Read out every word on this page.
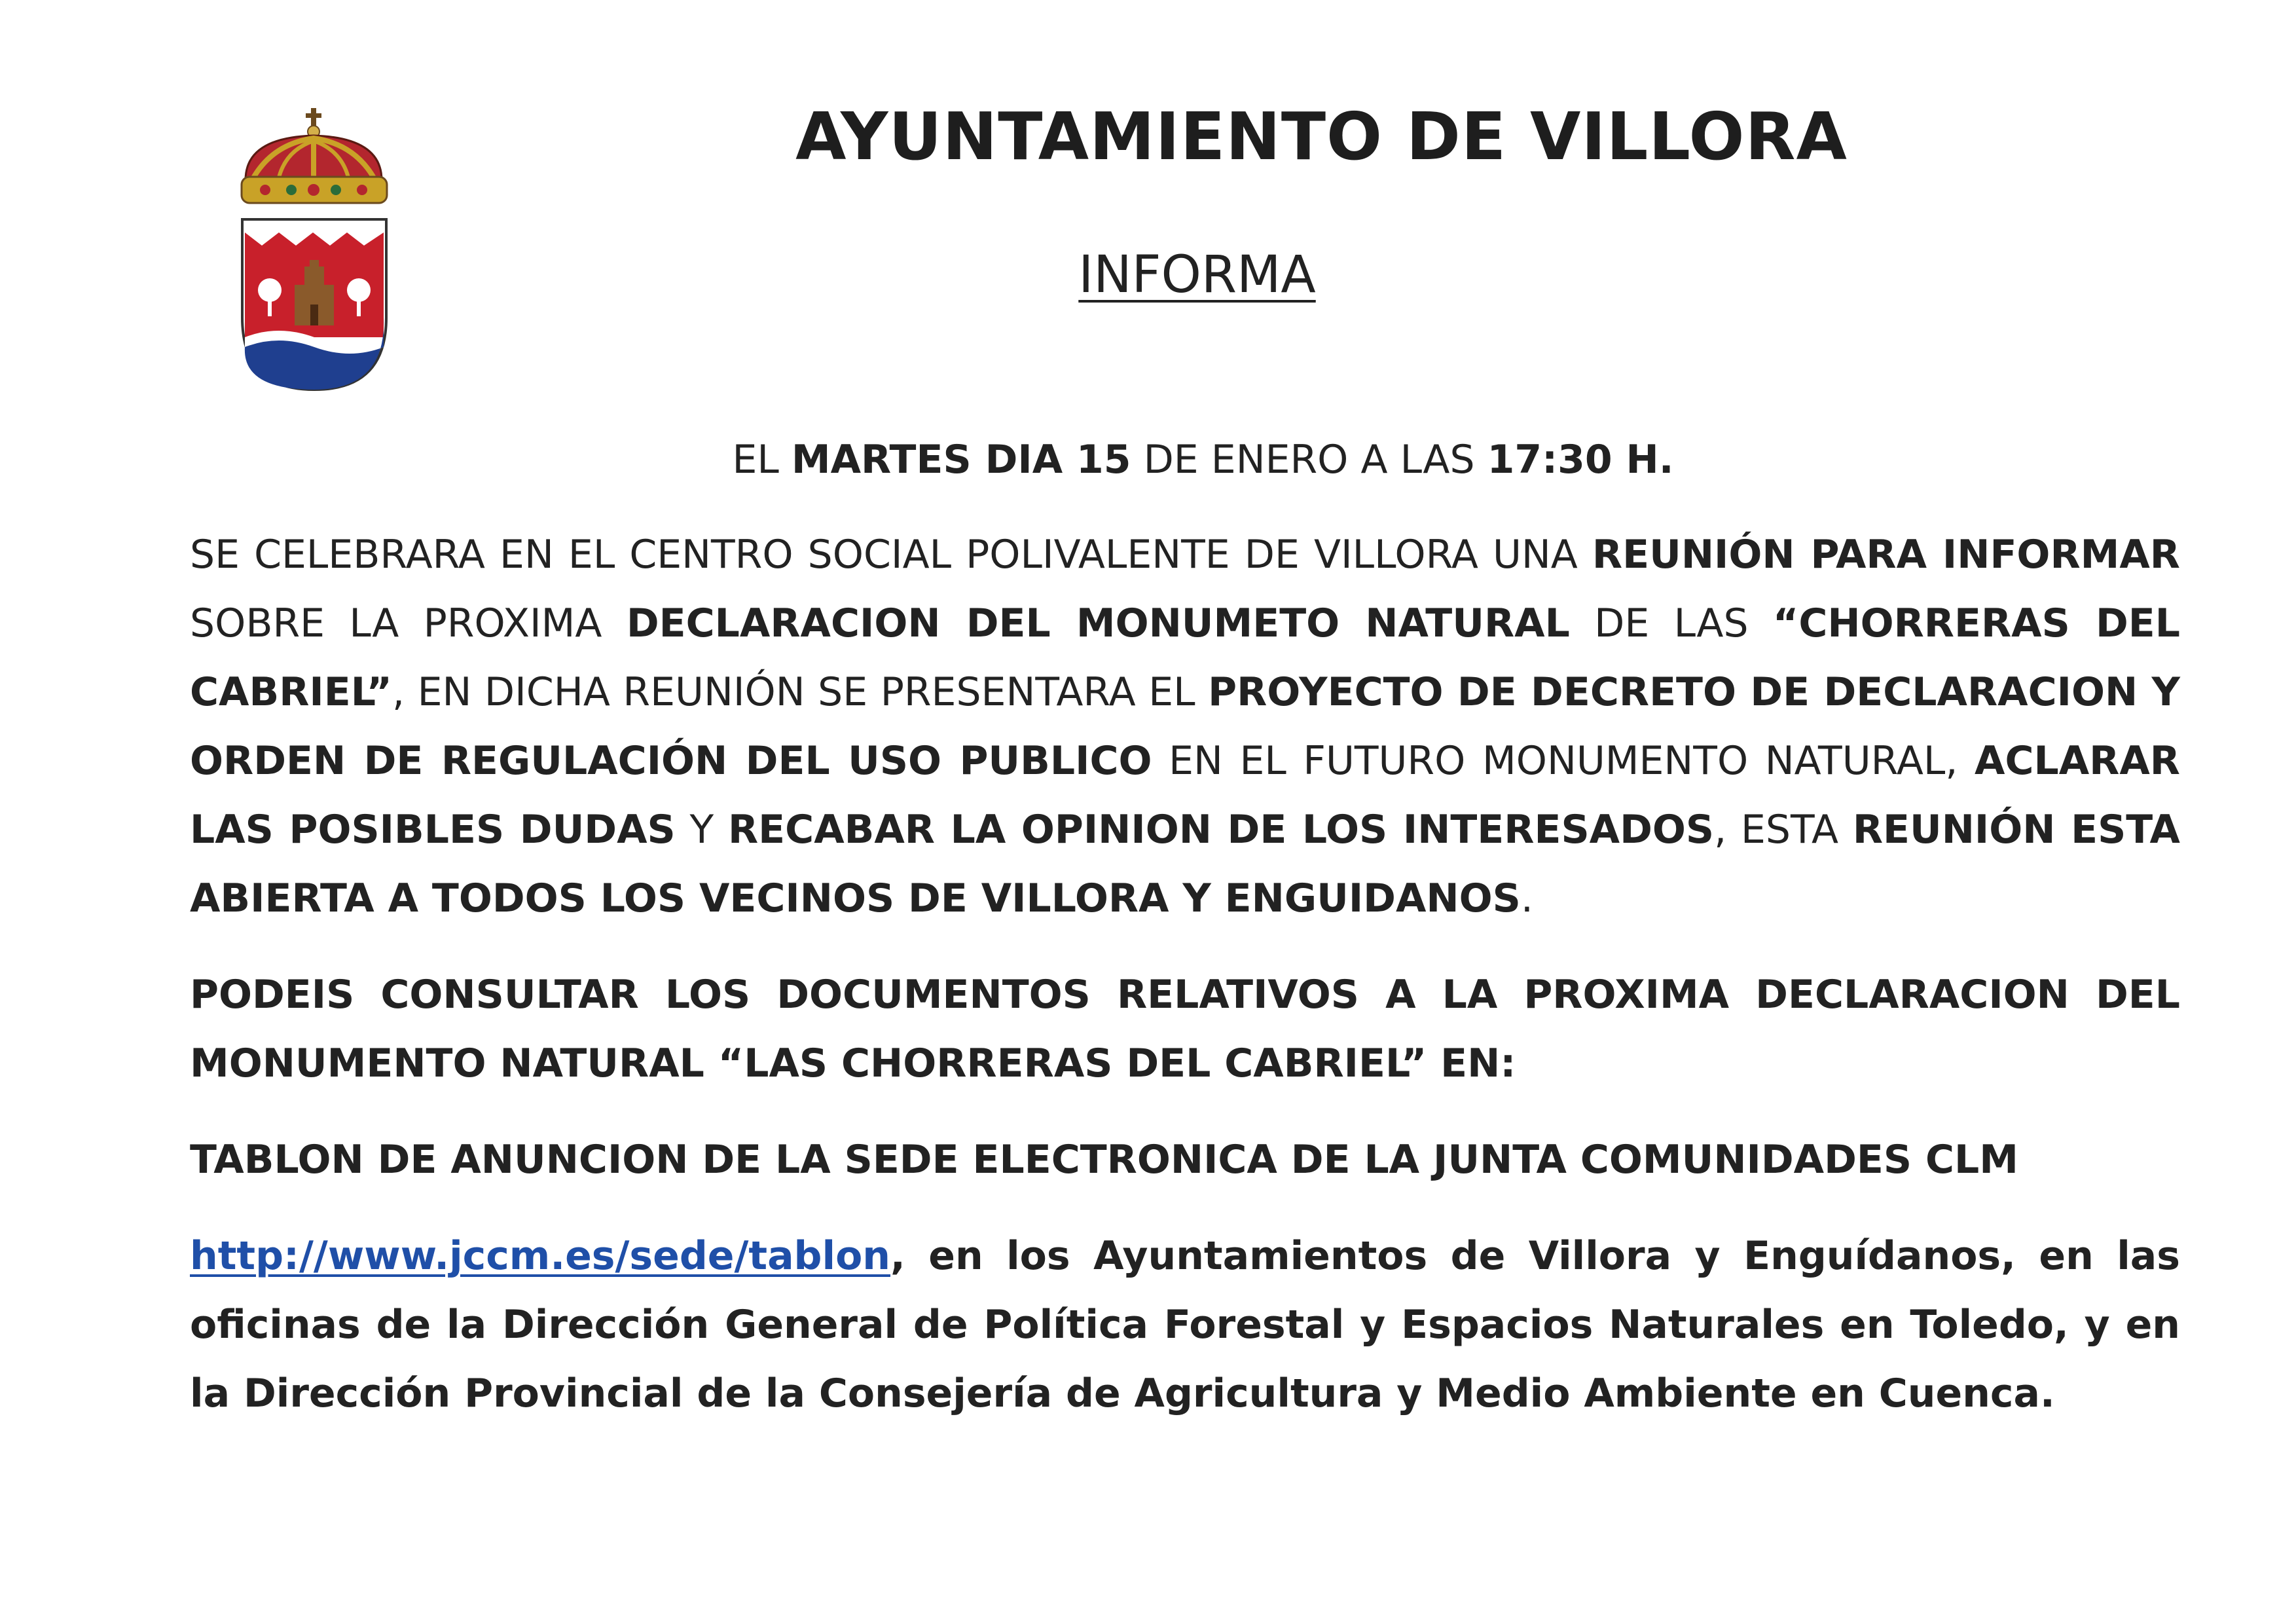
AYUNTAMIENTO DE VILLORA
INFORMA
EL MARTES DIA 15 DE ENERO A LAS 17:30 H.

SE CELEBRARA EN EL CENTRO SOCIAL POLIVALENTE DE VILLORA UNA REUNIÓN PARA INFORMAR SOBRE LA PROXIMA DECLARACION DEL MONUMETO NATURAL DE LAS “CHORRERAS DEL CABRIEL”, EN DICHA REUNIÓN SE PRESENTARA EL PROYECTO DE DECRETO DE DECLARACION Y ORDEN DE REGULACIÓN DEL USO PUBLICO EN EL FUTURO MONUMENTO NATURAL, ACLARAR LAS POSIBLES DUDAS Y RECABAR LA OPINION DE LOS INTERESADOS, ESTA REUNIÓN ESTA ABIERTA A TODOS LOS VECINOS DE VILLORA Y ENGUIDANOS.

PODEIS CONSULTAR LOS DOCUMENTOS RELATIVOS A LA PROXIMA DECLARACION DEL MONUMENTO NATURAL “LAS CHORRERAS DEL CABRIEL” EN:

TABLON DE ANUNCION DE LA SEDE ELECTRONICA DE LA JUNTA COMUNIDADES CLM

http://www.jccm.es/sede/tablon, en los Ayuntamientos de Villora y Enguídanos, en las oficinas de la Dirección General de Política Forestal y Espacios Naturales en Toledo, y en la Dirección Provincial de la Consejería de Agricultura y Medio Ambiente en Cuenca.
